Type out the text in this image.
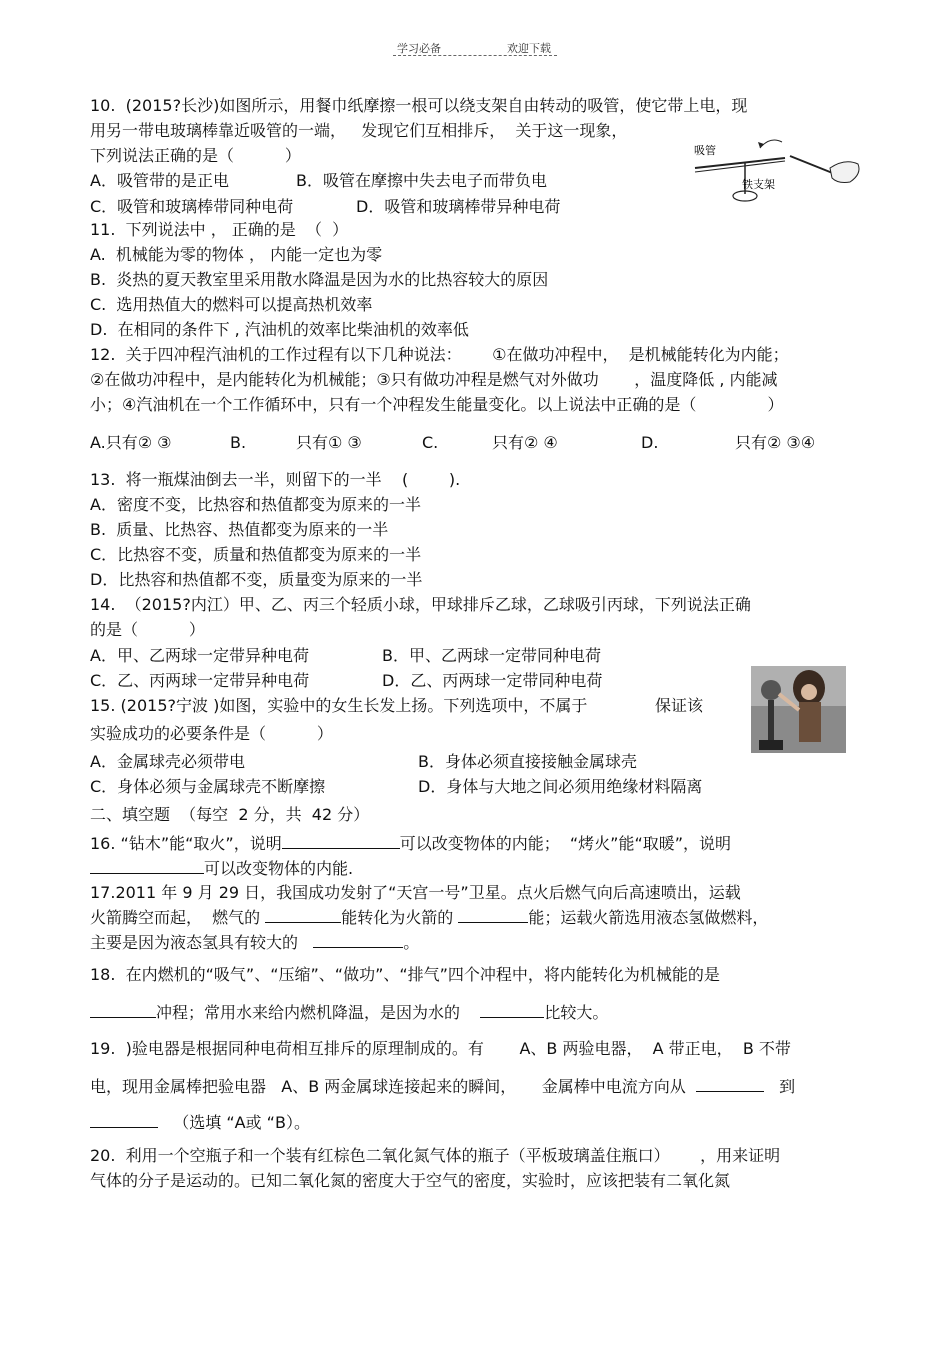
学习必备	欢迎下载
吸管
铁支架
10.  (2015?长沙)如图所示，用餐巾纸摩擦一根可以绕支架自由转动的吸管，使它带上电，现
用另一带电玻璃棒靠近吸管的一端，   发现它们互相排斥，  关于这一现象，
下列说法正确的是（          ）
A．吸管带的是正电	B．吸管在摩擦中失去电子而带负电
C．吸管和玻璃棒带同种电荷	D．吸管和玻璃棒带异种电荷
11.  下列说法中 ， 正确的是  （  ）
A.  机械能为零的物体 ， 内能一定也为零
B.  炎热的夏天教室里采用散水降温是因为水的比热容较大的原因
C.  选用热值大的燃料可以提高热机效率
D.  在相同的条件下 , 汽油机的效率比柴油机的效率低
12.  关于四冲程汽油机的工作过程有以下几种说法：      ①在做功冲程中，  是机械能转化为内能；
②在做功冲程中，是内能转化为机械能；③只有做功冲程是燃气对外做功       ，温度降低 , 内能减
小；④汽油机在一个工作循环中，只有一个冲程发生能量变化。以上说法中正确的是（              ）
A.只有② ③	B.	只有① ③	C.	只有② ④	D.	只有② ③④
13.  将一瓶煤油倒去一半，则留下的一半    (        ).
A．密度不变，比热容和热值都变为原来的一半
B.  质量、比热容、热值都变为原来的一半
C．比热容不变，质量和热值都变为原来的一半
D．比热容和热值都不变，质量变为原来的一半
14.  （2015?内江）甲、乙、丙三个轻质小球，甲球排斥乙球，乙球吸引丙球，下列说法正确
的是（          ）
A．甲、乙两球一定带异种电荷	B．甲、乙两球一定带同种电荷
C．乙、丙两球一定带异种电荷	D．乙、丙两球一定带同种电荷
15. (2015?宁波 )如图，实验中的女生长发上扬。下列选项中，不属于	保证该
实验成功的必要条件是（          ）
A．金属球壳必须带电	B．身体必须直接接触金属球壳
C．身体必须与金属球壳不断摩擦	D．身体与大地之间必须用绝缘材料隔离
二、填空题  （每空  2 分，共  42 分）
16. “钻木”能“取火”，说明	可以改变物体的内能；  “烤火”能“取暖”，说明
可以改变物体的内能.
17.2011 年 9 月 29 日，我国成功发射了“天宫一号”卫星。点火后燃气向后高速喷出，运载
火箭腾空而起，  燃气的	能转化为火箭的	能；运载火箭选用液态氢做燃料，
主要是因为液态氢具有较大的	。
18.  在内燃机的“吸气”、“压缩”、“做功”、“排气”四个冲程中，将内能转化为机械能的是
冲程；常用水来给内燃机降温，是因为水的	比较大。
19.  )验电器是根据同种电荷相互排斥的原理制成的。有       A、B 两验电器，  A 带正电，  B 不带
电，现用金属棒把验电器   A、B 两金属球连接起来的瞬间，     金属棒中电流方向从	到
（选填 “A或 “B）。
20.  利用一个空瓶子和一个装有红棕色二氧化氮气体的瓶子（平板玻璃盖住瓶口）      ，用来证明
气体的分子是运动的。已知二氧化氮的密度大于空气的密度，实验时，应该把装有二氧化氮
